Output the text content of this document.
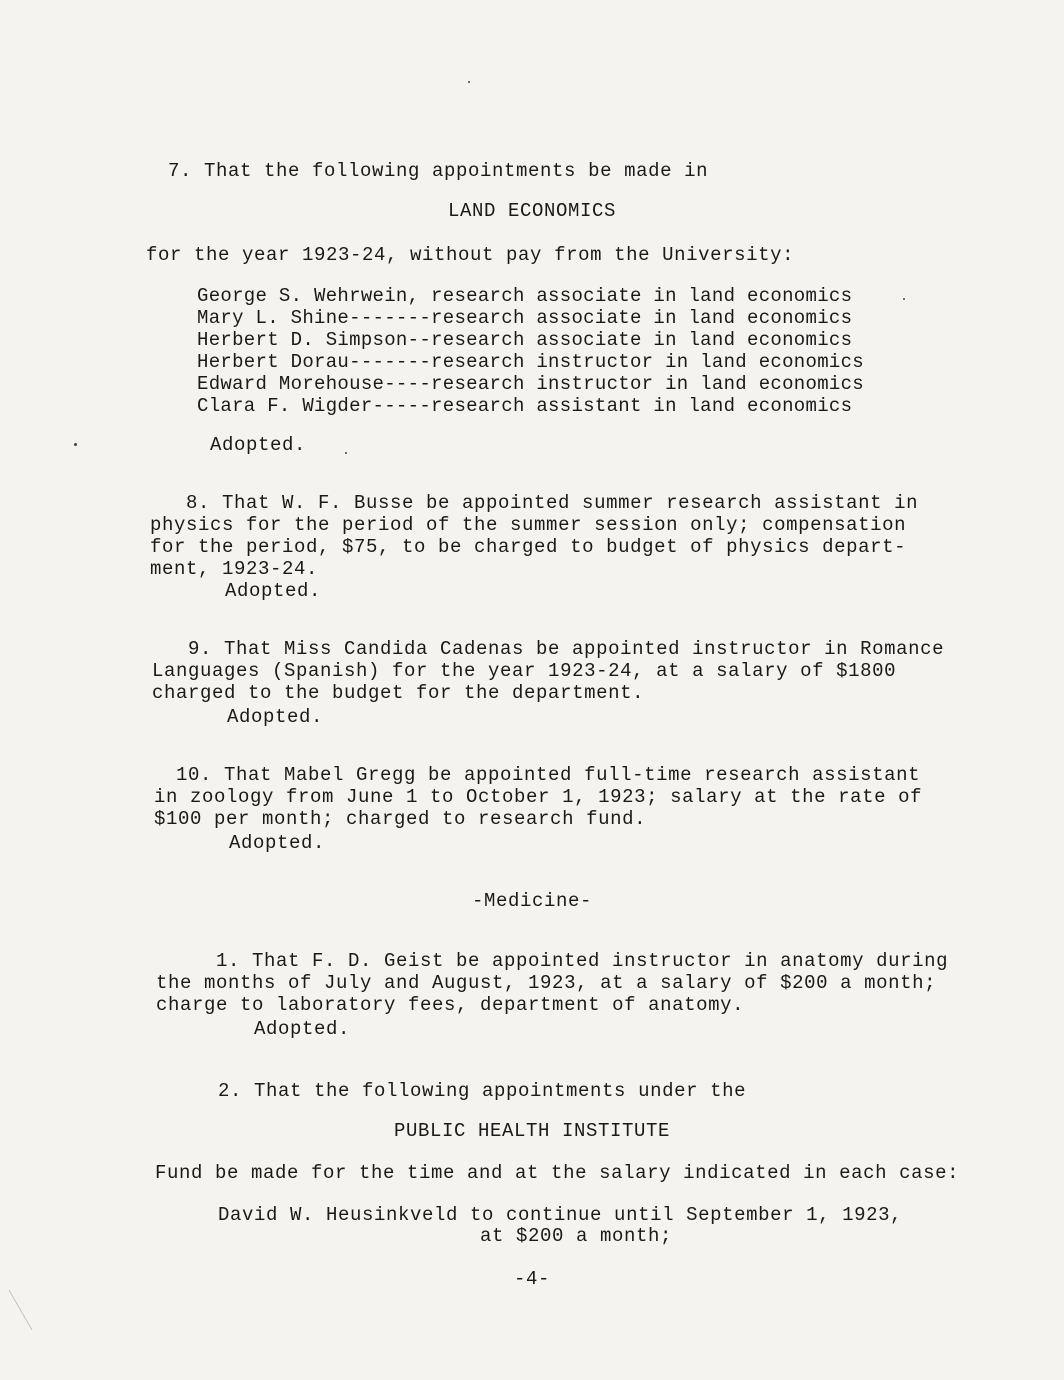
7. That the following appointments be made in

LAND ECONOMICS

for the year 1923-24, without pay from the University:

George S. Wehrwein, research associate in land economics

Mary L. Shine-------research associate in land economics

Herbert D. Simpson--research associate in land economics

Herbert Dorau-------research instructor in land economics

Edward Morehouse----research instructor in land economics

Clara F. Wigder-----research assistant in land economics

Adopted.

8. That W. F. Busse be appointed summer research assistant in

physics for the period of the summer session only; compensation

for the period, $75, to be charged to budget of physics depart-

ment, 1923-24.

Adopted.

9. That Miss Candida Cadenas be appointed instructor in Romance

Languages (Spanish) for the year 1923-24, at a salary of $1800

charged to the budget for the department.

Adopted.

10. That Mabel Gregg be appointed full-time research assistant

in zoology from June 1 to October 1, 1923; salary at the rate of

$100 per month; charged to research fund.

Adopted.

-Medicine-

1. That F. D. Geist be appointed instructor in anatomy during

the months of July and August, 1923, at a salary of $200 a month;

charge to laboratory fees, department of anatomy.

Adopted.

2. That the following appointments under the

PUBLIC HEALTH INSTITUTE

Fund be made for the time and at the salary indicated in each case:

David W. Heusinkveld to continue until September 1, 1923,

at $200 a month;

-4-
